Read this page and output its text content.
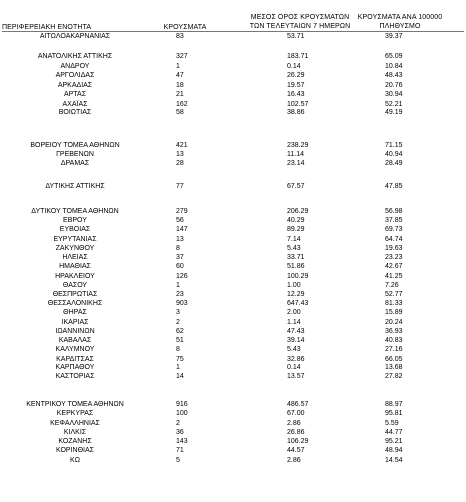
ΠΕΡΙΦΕΡΕΙΑΚΗ ΕΝΟΤΗΤΑ	ΚΡΟΥΣΜΑΤΑ
ΜΕΣΟΣ ΟΡΟΣ ΚΡΟΥΣΜΑΤΩΝ
ΤΩΝ ΤΕΛΕΥΤΑΙΩΝ 7 ΗΜΕΡΩΝ
ΚΡΟΥΣΜΑΤΑ ΑΝΑ 100000
ΠΛΗΘΥΣΜΟ
ΑΙΤΩΛΟΑΚΑΡΝΑΝΙΑΣ	83	53.71	39.37
ΑΝΑΤΟΛΙΚΗΣ ΑΤΤΙΚΗΣ	327	183.71	65.09
ΑΝΔΡΟΥ	1	0.14	10.84
ΑΡΓΟΛΙΔΑΣ	47	26.29	48.43
ΑΡΚΑΔΙΑΣ	18	19.57	20.76
ΑΡΤΑΣ	21	16.43	30.94
ΑΧΑΪΑΣ	162	102.57	52.21
ΒΟΙΩΤΙΑΣ	58	38.86	49.19
ΒΟΡΕΙΟΥ ΤΟΜΕΑ ΑΘΗΝΩΝ	421	238.29	71.15
ΓΡΕΒΕΝΩΝ	13	11.14	40.94
ΔΡΑΜΑΣ	28	23.14	28.49
ΔΥΤΙΚΗΣ ΑΤΤΙΚΗΣ	77	67.57	47.85
ΔΥΤΙΚΟΥ ΤΟΜΕΑ ΑΘΗΝΩΝ	279	206.29	56.98
ΕΒΡΟΥ	56	40.29	37.85
ΕΥΒΟΙΑΣ	147	89.29	69.73
ΕΥΡΥΤΑΝΙΑΣ	13	7.14	64.74
ΖΑΚΥΝΘΟΥ	8	5.43	19.63
ΗΛΕΙΑΣ	37	33.71	23.23
ΗΜΑΘΙΑΣ	60	51.86	42.67
ΗΡΑΚΛΕΙΟΥ	126	100.29	41.25
ΘΑΣΟΥ	1	1.00	7.26
ΘΕΣΠΡΩΤΙΑΣ	23	12.29	52.77
ΘΕΣΣΑΛΟΝΙΚΗΣ	903	647.43	81.33
ΘΗΡΑΣ	3	2.00	15.89
ΙΚΑΡΙΑΣ	2	1.14	20.24
ΙΩΑΝΝΙΝΩΝ	62	47.43	36.93
ΚΑΒΑΛΑΣ	51	39.14	40.83
ΚΑΛΥΜΝΟΥ	8	5.43	27.16
ΚΑΡΔΙΤΣΑΣ	75	32.86	66.05
ΚΑΡΠΑΘΟΥ	1	0.14	13.68
ΚΑΣΤΟΡΙΑΣ	14	13.57	27.82
ΚΕΝΤΡΙΚΟΥ ΤΟΜΕΑ ΑΘΗΝΩΝ	916	486.57	88.97
ΚΕΡΚΥΡΑΣ	100	67.00	95.81
ΚΕΦΑΛΛΗΝΙΑΣ	2	2.86	5.59
ΚΙΛΚΙΣ	36	26.86	44.77
ΚΟΖΑΝΗΣ	143	106.29	95.21
ΚΟΡΙΝΘΙΑΣ	71	44.57	48.94
ΚΩ	5	2.86	14.54
